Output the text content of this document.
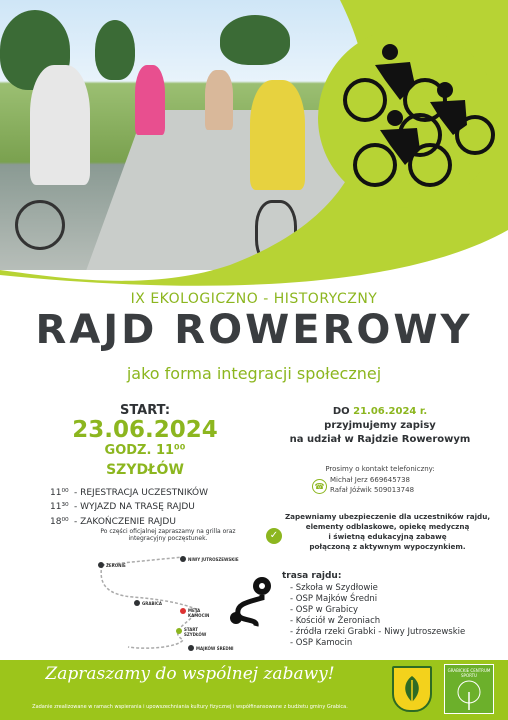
IX EKOLOGICZNO - HISTORYCZNY
RAJD ROWEROWY
jako forma integracji społecznej
START:
23.06.2024
GODZ. 11⁰⁰
SZYDŁÓW
11⁰⁰ - REJESTRACJA UCZESTNIKÓW
11³⁰ - WYJAZD NA TRASĘ RAJDU
18⁰⁰ - ZAKOŃCZENIE RAJDU
Po części oficjalnej zapraszamy na grilla oraz integracyjny poczęstunek.
DO 21.06.2024 r.
przyjmujemy zapisy
na udział w Rajdzie Rowerowym
Prosimy o kontakt telefoniczny:
☎
Michał Jerz 669645738
Rafał Jóźwik 509013748
✓
Zapewniamy ubezpieczenie dla uczestników rajdu,
elementy odblaskowe, opiekę medyczną
i świetną edukacyjną zabawę
połączoną z aktywnym wypoczynkiem.
ŻERONIE
NIWY JUTROSZEWSKIE
GRABICA
META KAMOCIN
START SZYDŁÓW
MAJKÓW ŚREDNI
trasa rajdu:
- Szkoła w Szydłowie
- OSP Majków Średni
- OSP w Grabicy
- Kościół w Żeroniach
- źródła rzeki Grabki - Niwy Jutroszewskie
- OSP Kamocin
Zapraszamy do wspólnej zabawy!
Zadanie zrealizowane w ramach wspierania i upowszechniania kultury fizycznej i współfinansowane z budżetu gminy Grabica.
GRABICKIE CENTRUM SPORTU
